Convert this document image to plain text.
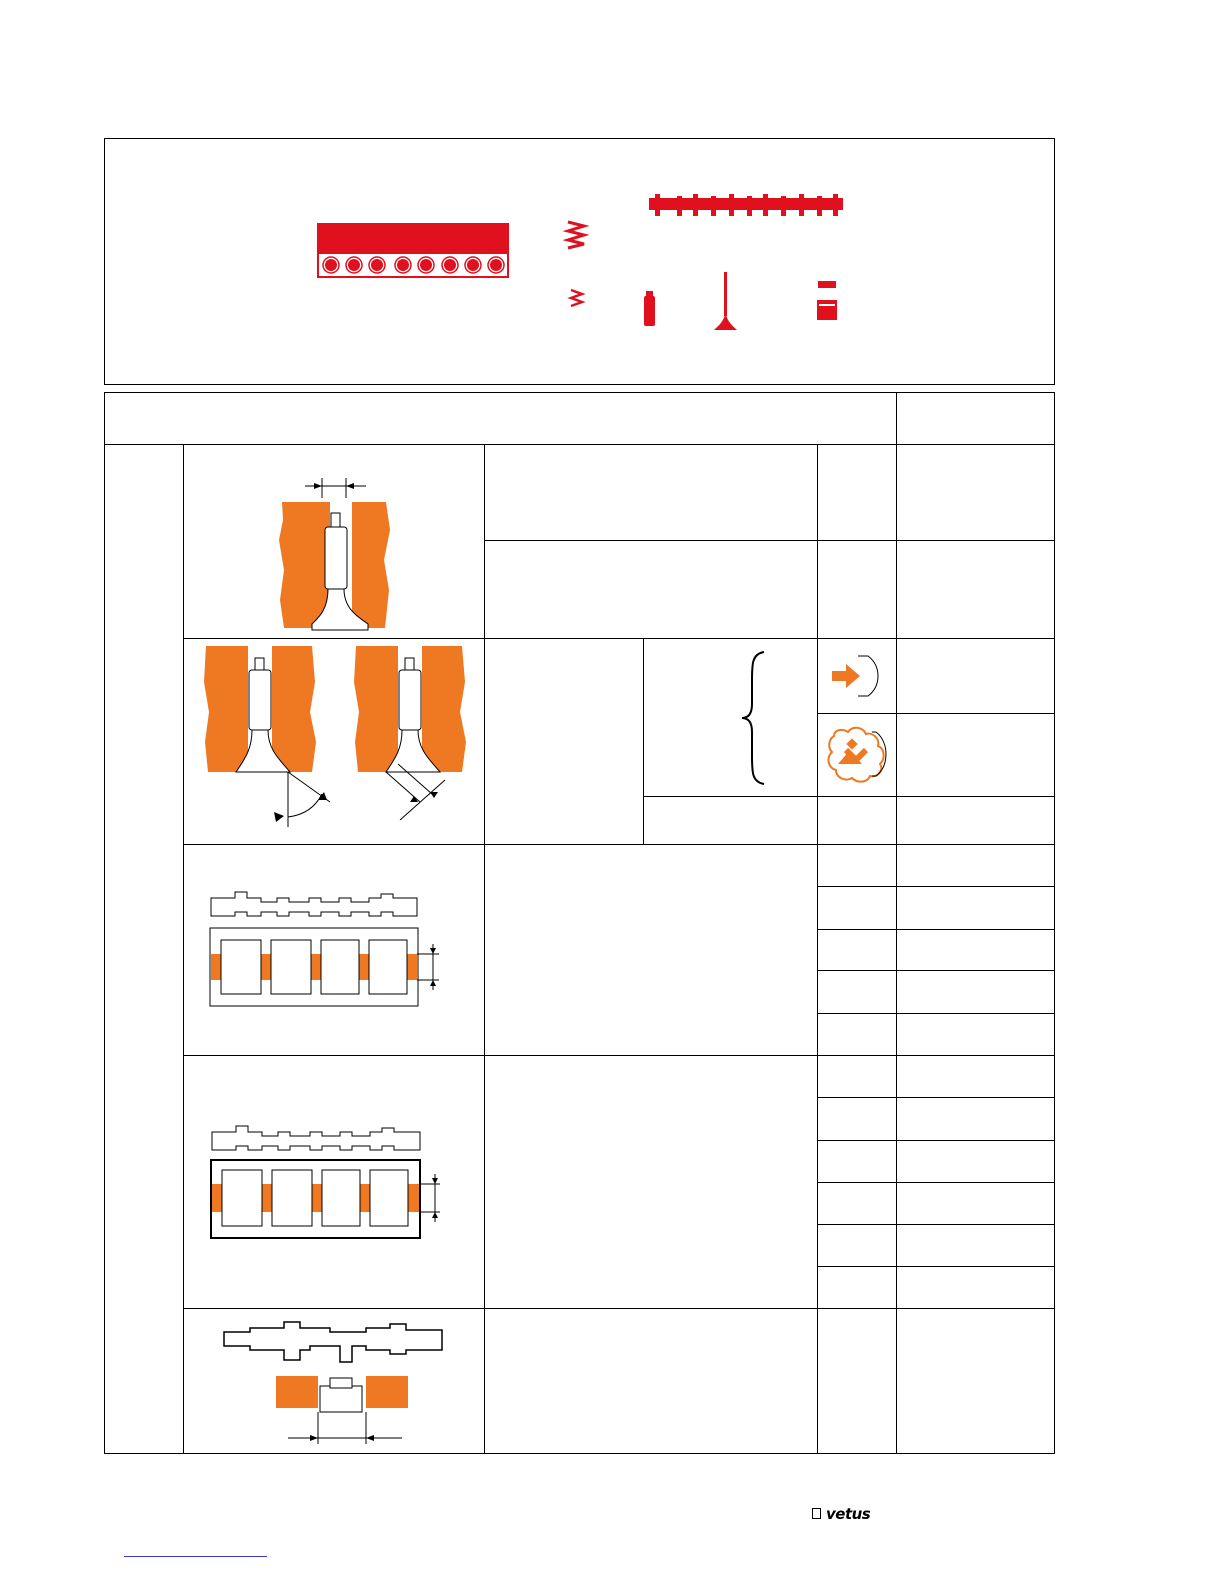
vetus
